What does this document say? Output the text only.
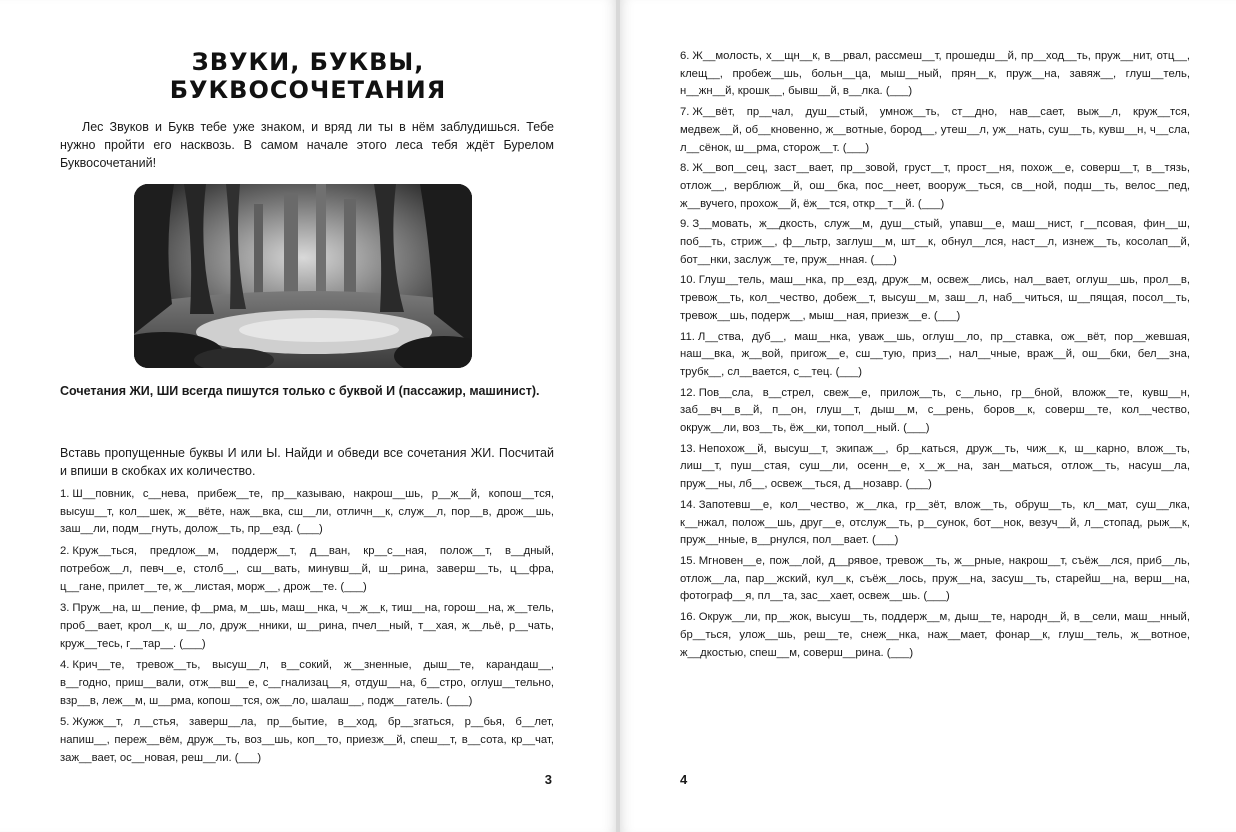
ЗВУКИ, БУКВЫ,
БУКВОСОЧЕТАНИЯ

Лес Звуков и Букв тебе уже знаком, и вряд ли ты в нём заблудишься. Тебе нужно пройти его насквозь. В самом начале этого леса тебя ждёт Бурелом Буквосочетаний!

Сочетания ЖИ, ШИ всегда пишутся только с буквой И (пассажир, машинист).

Вставь пропущенные буквы И или Ы. Найди и обведи все сочетания ЖИ. Посчитай и впиши в скобках их количество.

1. Ш__повник, с__нева, прибеж__те, пр__казываю, накрош__шь, р__ж__й, копош__тся, высуш__т, кол__шек, ж__вёте, наж__вка, сш__ли, отличн__к, служ__л, пор__в, дрож__шь, заш__ли, подм__гнуть, долож__ть, пр__езд. (___)

2. Круж__ться, предлож__м, поддерж__т, д__ван, кр__с__ная, полож__т, в__дный, потребож__л, певч__е, столб__, сш__вать, минувш__й, ш__рина, заверш__ть, ц__фра, ц__гане, прилет__те, ж__листая, морж__, дрож__те. (___)

3. Пруж__на, ш__пение, ф__рма, м__шь, маш__нка, ч__ж__к, тиш__на, горош__на, ж__тель, проб__вает, крол__к, ш__ло, друж__нники, ш__рина, пчел__ный, т__хая, ж__льё, р__чать, круж__тесь, г__тар__. (___)

4. Крич__те, тревож__ть, высуш__л, в__сокий, ж__зненные, дыш__те, карандаш__, в__годно, приш__вали, отж__вш__е, с__гнализац__я, отдуш__на, б__стро, оглуш__тельно, взр__в, леж__м, ш__рма, копош__тся, ож__ло, шалаш__, подж__гатель. (___)

5. Жужж__т, л__стья, заверш__ла, пр__бытие, в__ход, бр__згаться, р__бья, б__лет, напиш__, переж__вём, друж__ть, воз__шь, коп__то, приезж__й, спеш__т, в__сота, кр__чат, заж__вает, ос__новая, реш__ли. (___)

3

6. Ж__молость, х__щн__к, в__рвал, рассмеш__т, прошедш__й, пр__ход__ть, пруж__нит, отц__, клещ__, пробеж__шь, больн__ца, мыш__ный, прян__к, пруж__на, завяж__, глуш__тель, н__жн__й, крошк__, бывш__й, в__лка. (___)

7. Ж__вёт, пр__чал, душ__стый, умнож__ть, ст__дно, нав__сает, выж__л, круж__тся, медвеж__й, об__кновенно, ж__вотные, бород__, утеш__л, уж__нать, суш__ть, кувш__н, ч__сла, л__сёнок, ш__рма, сторож__т. (___)

8. Ж__воп__сец, заст__вает, пр__зовой, груст__т, прост__ня, похож__е, соверш__т, в__тязь, отлож__, верблюж__й, ош__бка, пос__неет, вооруж__ться, св__ной, подш__ть, велос__пед, ж__вучего, прохож__й, ёж__тся, откр__т__й. (___)

9. З__мовать, ж__дкость, служ__м, душ__стый, упавш__е, маш__нист, г__псовая, фин__ш, поб__ть, стриж__, ф__льтр, заглуш__м, шт__к, обнул__лся, наст__л, изнеж__ть, косолап__й, бот__нки, заслуж__те, пруж__нная. (___)

10. Глуш__тель, маш__нка, пр__езд, друж__м, освеж__лись, нал__вает, оглуш__шь, прол__в, тревож__ть, кол__чество, добеж__т, высуш__м, заш__л, наб__читься, ш__пящая, посол__ть, тревож__шь, подерж__, мыш__ная, приезж__е. (___)

11. Л__ства, дуб__, маш__нка, уваж__шь, оглуш__ло, пр__ставка, ож__вёт, пор__жевшая, наш__вка, ж__вой, пригож__е, сш__тую, приз__, нал__чные, враж__й, ош__бки, бел__зна, трубк__, сл__вается, с__тец. (___)

12. Пов__сла, в__стрел, свеж__е, прилож__ть, с__льно, гр__бной, вложж__те, кувш__н, заб__вч__в__й, п__он, глуш__т, дыш__м, с__рень, боров__к, соверш__те, кол__чество, окруж__ли, воз__ть, ёж__ки, топол__ный. (___)

13. Непохож__й, высуш__т, экипаж__, бр__каться, друж__ть, чиж__к, ш__карно, влож__ть, лиш__т, пуш__стая, суш__ли, осенн__е, х__ж__на, зан__маться, отлож__ть, насуш__ла, пруж__ны, лб__, освеж__ться, д__нозавр. (___)

14. Запотевш__е, кол__чество, ж__лка, гр__зёт, влож__ть, обруш__ть, кл__мат, суш__лка, к__нжал, полож__шь, друг__е, отслуж__ть, р__сунок, бот__нок, везуч__й, л__стопад, рыж__к, пруж__нные, в__рнулся, пол__вает. (___)

15. Мгновен__е, пож__лой, д__рявое, тревож__ть, ж__рные, накрош__т, съёж__лся, приб__ль, отлож__ла, пар__жский, кул__к, съёж__лось, пруж__на, засуш__ть, старейш__на, верш__на, фотограф__я, пл__та, зас__хает, освеж__шь. (___)

16. Окруж__ли, пр__жок, высуш__ть, поддерж__м, дыш__те, народн__й, в__сели, маш__нный, бр__ться, улож__шь, реш__те, снеж__нка, наж__мает, фонар__к, глуш__тель, ж__вотное, ж__дкостью, спеш__м, соверш__рина. (___)

4
